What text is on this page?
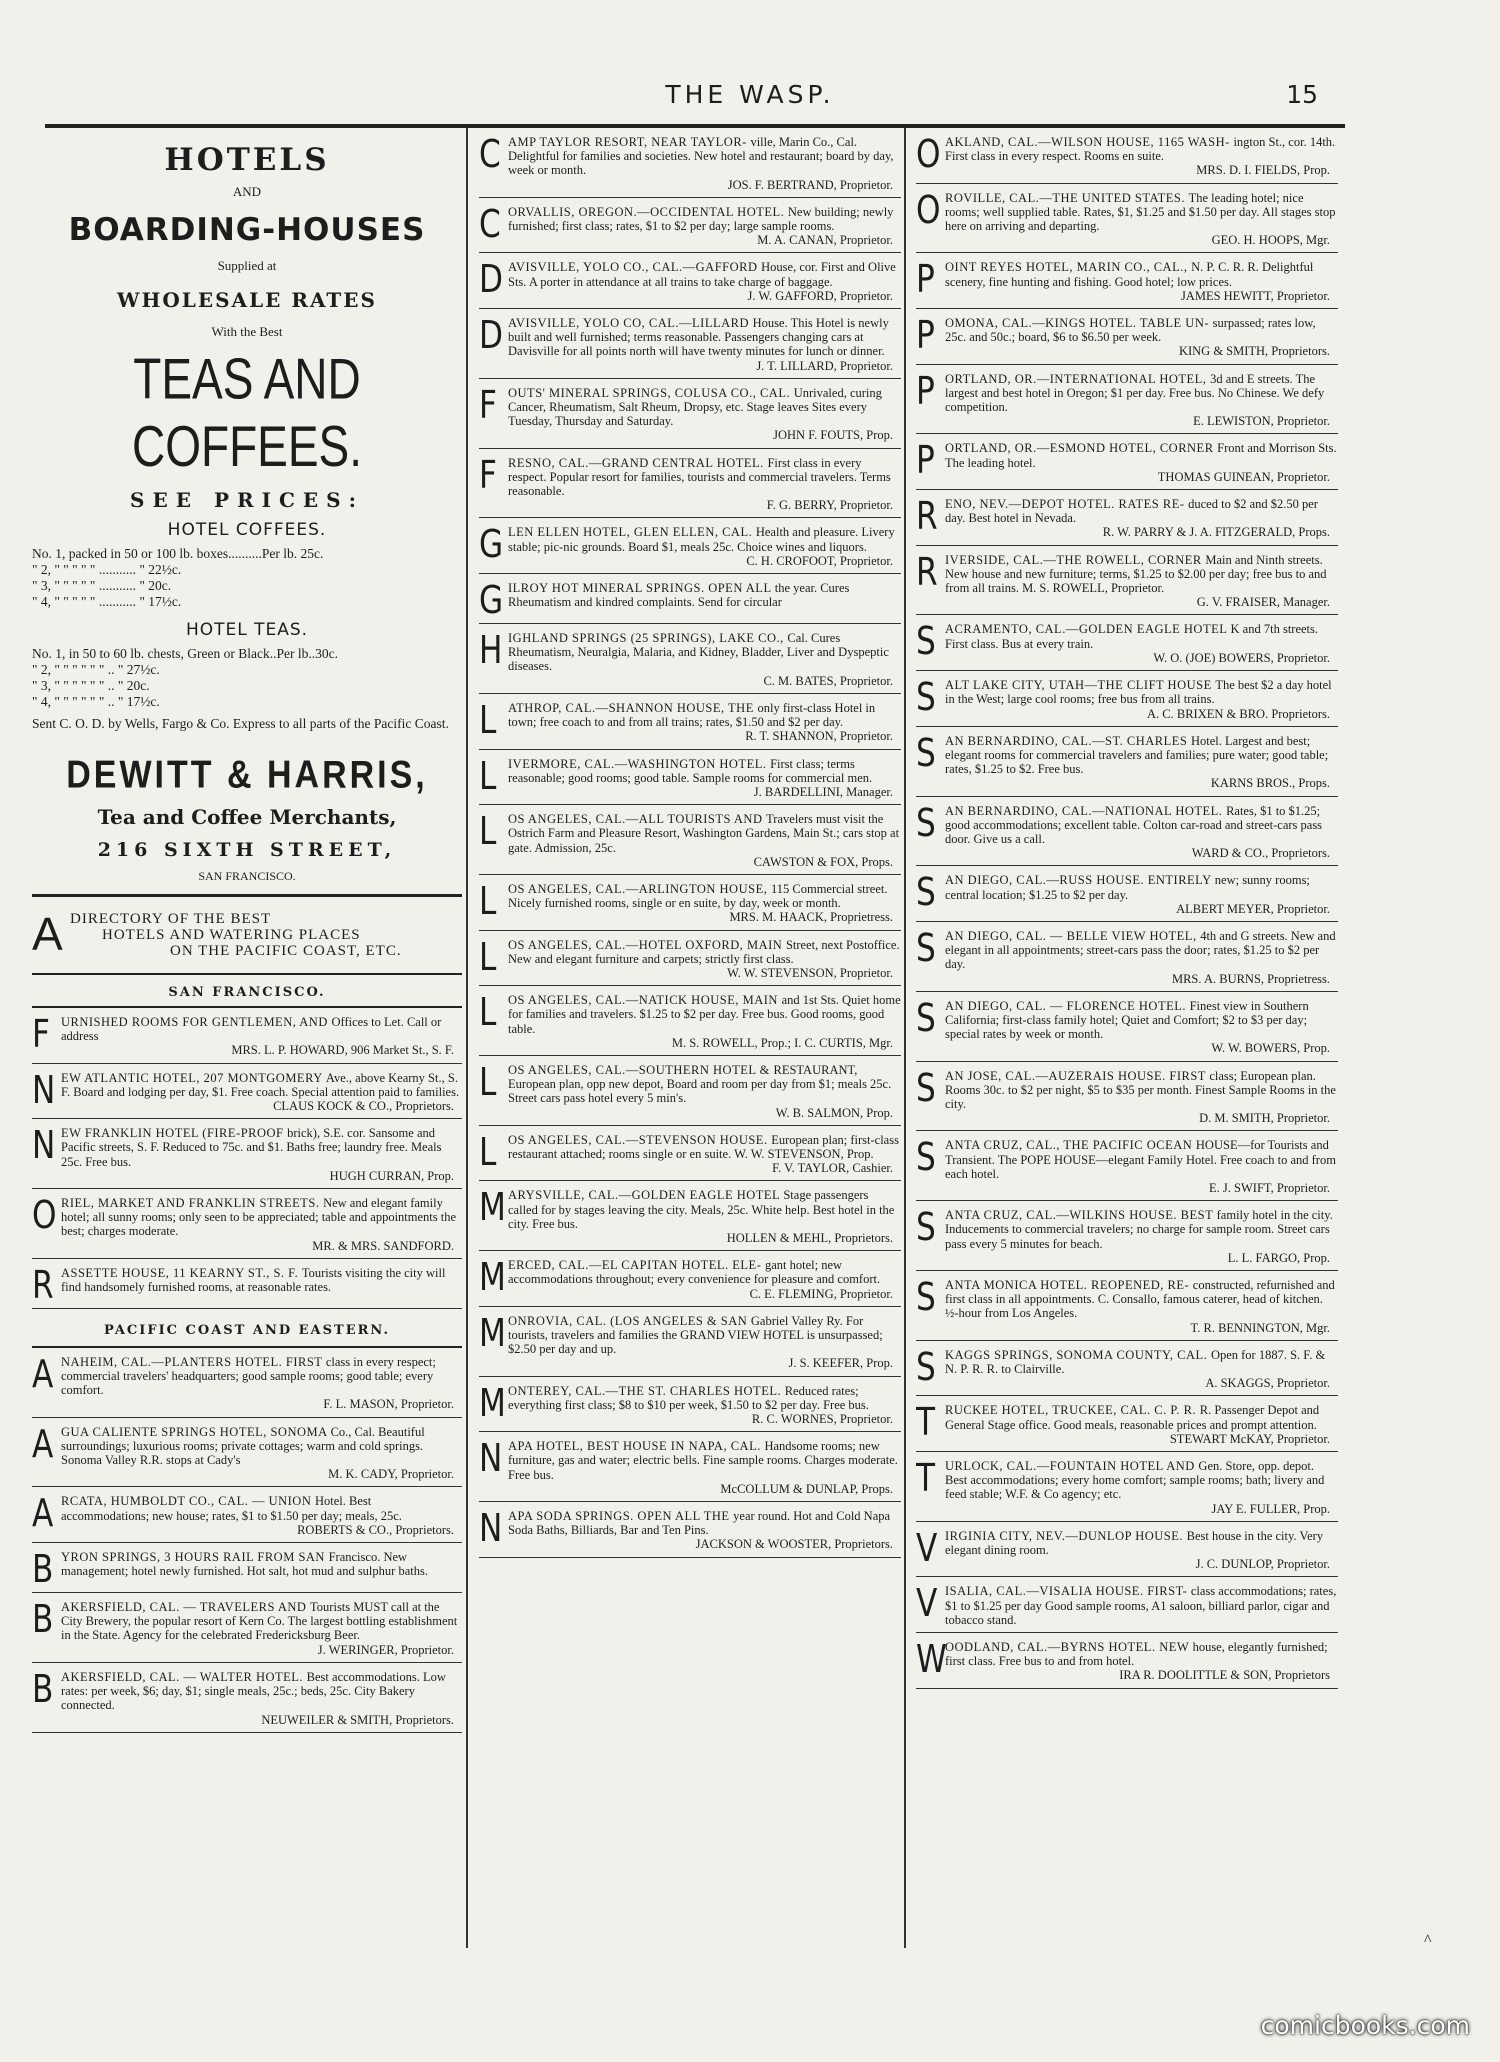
THE WASP.	15
HOTELS
AND
BOARDING-HOUSES
Supplied at
WHOLESALE RATES
With the Best
TEAS AND COFFEES.
SEE PRICES:
HOTEL COFFEES.
No. 1, packed in 50 or 100 lb. boxes..........Per lb. 25c.
" 2, " " " " " ........... " 22½c.
" 3, " " " " " ........... " 20c.
" 4, " " " " " ........... " 17½c.
HOTEL TEAS.
No. 1, in 50 to 60 lb. chests, Green or Black..Per lb..30c.
" 2, " " " " " " .. " 27½c.
" 3, " " " " " " .. " 20c.
" 4, " " " " " " .. " 17½c.
Sent C. O. D. by Wells, Fargo & Co. Express to all parts of the Pacific Coast.
DEWITT & HARRIS,
Tea and Coffee Merchants,
216 SIXTH STREET,
SAN FRANCISCO.
A DIRECTORY OF THE BEST
HOTELS AND WATERING PLACES
ON THE PACIFIC COAST, ETC.
SAN FRANCISCO.
FURNISHED ROOMS FOR GENTLEMEN, AND Offices to Let. Call or address
MRS. L. P. HOWARD, 906 Market St., S. F.
NEW ATLANTIC HOTEL, 207 MONTGOMERY Ave., above Kearny St., S. F. Board and lodging per day, $1. Free coach. Special attention paid to families.
CLAUS KOCK & CO., Proprietors.
NEW FRANKLIN HOTEL (FIRE-PROOF brick), S.E. cor. Sansome and Pacific streets, S. F. Reduced to 75c. and $1. Baths free; laundry free. Meals 25c. Free bus.
HUGH CURRAN, Prop.
ORIEL, MARKET AND FRANKLIN STREETS. New and elegant family hotel; all sunny rooms; only seen to be appreciated; table and appointments the best; charges moderate.
MR. & MRS. SANDFORD.
RASSETTE HOUSE, 11 KEARNY ST., S. F. Tourists visiting the city will find handsomely furnished rooms, at reasonable rates.
PACIFIC COAST AND EASTERN.
ANAHEIM, CAL.—PLANTERS HOTEL. FIRST class in every respect; commercial travelers' headquarters; good sample rooms; good table; every comfort.
F. L. MASON, Proprietor.
AGUA CALIENTE SPRINGS HOTEL, SONOMA Co., Cal. Beautiful surroundings; luxurious rooms; private cottages; warm and cold springs. Sonoma Valley R.R. stops at Cady's
M. K. CADY, Proprietor.
ARCATA, HUMBOLDT CO., CAL. — UNION Hotel. Best accommodations; new house; rates, $1 to $1.50 per day; meals, 25c.
ROBERTS & CO., Proprietors.
BYRON SPRINGS, 3 HOURS RAIL FROM SAN Francisco. New management; hotel newly furnished. Hot salt, hot mud and sulphur baths.
BAKERSFIELD, CAL. — TRAVELERS AND Tourists MUST call at the City Brewery, the popular resort of Kern Co. The largest bottling establishment in the State. Agency for the celebrated Fredericksburg Beer.
J. WERINGER, Proprietor.
BAKERSFIELD, CAL. — WALTER HOTEL. Best accommodations. Low rates: per week, $6; day, $1; single meals, 25c.; beds, 25c. City Bakery connected.
NEUWEILER & SMITH, Proprietors.
CAMP TAYLOR RESORT, NEAR TAYLOR- ville, Marin Co., Cal. Delightful for families and societies. New hotel and restaurant; board by day, week or month.
JOS. F. BERTRAND, Proprietor.
CORVALLIS, OREGON.—OCCIDENTAL HOTEL. New building; newly furnished; first class; rates, $1 to $2 per day; large sample rooms.
M. A. CANAN, Proprietor.
DAVISVILLE, YOLO CO., CAL.—GAFFORD House, cor. First and Olive Sts. A porter in attendance at all trains to take charge of baggage.
J. W. GAFFORD, Proprietor.
DAVISVILLE, YOLO CO, CAL.—LILLARD House. This Hotel is newly built and well furnished; terms reasonable. Passengers changing cars at Davisville for all points north will have twenty minutes for lunch or dinner.
J. T. LILLARD, Proprietor.
FOUTS' MINERAL SPRINGS, COLUSA CO., CAL. Unrivaled, curing Cancer, Rheumatism, Salt Rheum, Dropsy, etc. Stage leaves Sites every Tuesday, Thursday and Saturday.
JOHN F. FOUTS, Prop.
FRESNO, CAL.—GRAND CENTRAL HOTEL. First class in every respect. Popular resort for families, tourists and commercial travelers. Terms reasonable.
F. G. BERRY, Proprietor.
GLEN ELLEN HOTEL, GLEN ELLEN, CAL. Health and pleasure. Livery stable; pic-nic grounds. Board $1, meals 25c. Choice wines and liquors.
C. H. CROFOOT, Proprietor.
GILROY HOT MINERAL SPRINGS. OPEN ALL the year. Cures Rheumatism and kindred complaints. Send for circular
HIGHLAND SPRINGS (25 SPRINGS), LAKE CO., Cal. Cures Rheumatism, Neuralgia, Malaria, and Kidney, Bladder, Liver and Dyspeptic diseases.
C. M. BATES, Proprietor.
LATHROP, CAL.—SHANNON HOUSE, THE only first-class Hotel in town; free coach to and from all trains; rates, $1.50 and $2 per day.
R. T. SHANNON, Proprietor.
LIVERMORE, CAL.—WASHINGTON HOTEL. First class; terms reasonable; good rooms; good table. Sample rooms for commercial men.
J. BARDELLINI, Manager.
LOS ANGELES, CAL.—ALL TOURISTS AND Travelers must visit the Ostrich Farm and Pleasure Resort, Washington Gardens, Main St.; cars stop at gate. Admission, 25c.
CAWSTON & FOX, Props.
LOS ANGELES, CAL.—ARLINGTON HOUSE, 115 Commercial street. Nicely furnished rooms, single or en suite, by day, week or month.
MRS. M. HAACK, Proprietress.
LOS ANGELES, CAL.—HOTEL OXFORD, MAIN Street, next Postoffice. New and elegant furniture and carpets; strictly first class.
W. W. STEVENSON, Proprietor.
LOS ANGELES, CAL.—NATICK HOUSE, MAIN and 1st Sts. Quiet home for families and travelers. $1.25 to $2 per day. Free bus. Good rooms, good table.
M. S. ROWELL, Prop.; I. C. CURTIS, Mgr.
LOS ANGELES, CAL.—SOUTHERN HOTEL & RESTAURANT, European plan, opp new depot, Board and room per day from $1; meals 25c. Street cars pass hotel every 5 min's.
W. B. SALMON, Prop.
LOS ANGELES, CAL.—STEVENSON HOUSE. European plan; first-class restaurant attached; rooms single or en suite. W. W. STEVENSON, Prop.
F. V. TAYLOR, Cashier.
MARYSVILLE, CAL.—GOLDEN EAGLE HOTEL Stage passengers called for by stages leaving the city. Meals, 25c. White help. Best hotel in the city. Free bus.
HOLLEN & MEHL, Proprietors.
MERCED, CAL.—EL CAPITAN HOTEL. ELE- gant hotel; new accommodations throughout; every convenience for pleasure and comfort.
C. E. FLEMING, Proprietor.
MONROVIA, CAL. (LOS ANGELES & SAN Gabriel Valley Ry. For tourists, travelers and families the GRAND VIEW HOTEL is unsurpassed; $2.50 per day and up.
J. S. KEEFER, Prop.
MONTEREY, CAL.—THE ST. CHARLES HOTEL. Reduced rates; everything first class; $8 to $10 per week, $1.50 to $2 per day. Free bus.
R. C. WORNES, Proprietor.
NAPA HOTEL, BEST HOUSE IN NAPA, CAL. Handsome rooms; new furniture, gas and water; electric bells. Fine sample rooms. Charges moderate. Free bus.
McCOLLUM & DUNLAP, Props.
NAPA SODA SPRINGS. OPEN ALL THE year round. Hot and Cold Napa Soda Baths, Billiards, Bar and Ten Pins.
JACKSON & WOOSTER, Proprietors.
OAKLAND, CAL.—WILSON HOUSE, 1165 WASH- ington St., cor. 14th. First class in every respect. Rooms en suite.
MRS. D. I. FIELDS, Prop.
OROVILLE, CAL.—THE UNITED STATES. The leading hotel; nice rooms; well supplied table. Rates, $1, $1.25 and $1.50 per day. All stages stop here on arriving and departing.
GEO. H. HOOPS, Mgr.
POINT REYES HOTEL, MARIN CO., CAL., N. P. C. R. R. Delightful scenery, fine hunting and fishing. Good hotel; low prices.
JAMES HEWITT, Proprietor.
POMONA, CAL.—KINGS HOTEL. TABLE UN- surpassed; rates low, 25c. and 50c.; board, $6 to $6.50 per week.
KING & SMITH, Proprietors.
PORTLAND, OR.—INTERNATIONAL HOTEL, 3d and E streets. The largest and best hotel in Oregon; $1 per day. Free bus. No Chinese. We defy competition.
E. LEWISTON, Proprietor.
PORTLAND, OR.—ESMOND HOTEL, CORNER Front and Morrison Sts. The leading hotel.
THOMAS GUINEAN, Proprietor.
RENO, NEV.—DEPOT HOTEL. RATES RE- duced to $2 and $2.50 per day. Best hotel in Nevada.
R. W. PARRY & J. A. FITZGERALD, Props.
RIVERSIDE, CAL.—THE ROWELL, CORNER Main and Ninth streets. New house and new furniture; terms, $1.25 to $2.00 per day; free bus to and from all trains. M. S. ROWELL, Proprietor.
G. V. FRAISER, Manager.
SACRAMENTO, CAL.—GOLDEN EAGLE HOTEL K and 7th streets. First class. Bus at every train.
W. O. (JOE) BOWERS, Proprietor.
SALT LAKE CITY, UTAH—THE CLIFT HOUSE The best $2 a day hotel in the West; large cool rooms; free bus from all trains.
A. C. BRIXEN & BRO. Proprietors.
SAN BERNARDINO, CAL.—ST. CHARLES Hotel. Largest and best; elegant rooms for commercial travelers and families; pure water; good table; rates, $1.25 to $2. Free bus.
KARNS BROS., Props.
SAN BERNARDINO, CAL.—NATIONAL HOTEL. Rates, $1 to $1.25; good accommodations; excellent table. Colton car-road and street-cars pass door. Give us a call.
WARD & CO., Proprietors.
SAN DIEGO, CAL.—RUSS HOUSE. ENTIRELY new; sunny rooms; central location; $1.25 to $2 per day.
ALBERT MEYER, Proprietor.
SAN DIEGO, CAL. — BELLE VIEW HOTEL, 4th and G streets. New and elegant in all appointments; street-cars pass the door; rates, $1.25 to $2 per day.
MRS. A. BURNS, Proprietress.
SAN DIEGO, CAL. — FLORENCE HOTEL. Finest view in Southern California; first-class family hotel; Quiet and Comfort; $2 to $3 per day; special rates by week or month.
W. W. BOWERS, Prop.
SAN JOSE, CAL.—AUZERAIS HOUSE. FIRST class; European plan. Rooms 30c. to $2 per night, $5 to $35 per month. Finest Sample Rooms in the city.
D. M. SMITH, Proprietor.
SANTA CRUZ, CAL., THE PACIFIC OCEAN HOUSE—for Tourists and Transient. The POPE HOUSE—elegant Family Hotel. Free coach to and from each hotel.
E. J. SWIFT, Proprietor.
SANTA CRUZ, CAL.—WILKINS HOUSE. BEST family hotel in the city. Inducements to commercial travelers; no charge for sample room. Street cars pass every 5 minutes for beach.
L. L. FARGO, Prop.
SANTA MONICA HOTEL. REOPENED, RE- constructed, refurnished and first class in all appointments. C. Consallo, famous caterer, head of kitchen. ½-hour from Los Angeles.
T. R. BENNINGTON, Mgr.
SKAGGS SPRINGS, SONOMA COUNTY, CAL. Open for 1887. S. F. & N. P. R. R. to Clairville.
A. SKAGGS, Proprietor.
TRUCKEE HOTEL, TRUCKEE, CAL. C. P. R. R. Passenger Depot and General Stage office. Good meals, reasonable prices and prompt attention.
STEWART McKAY, Proprietor.
TURLOCK, CAL.—FOUNTAIN HOTEL AND Gen. Store, opp. depot. Best accommodations; every home comfort; sample rooms; bath; livery and feed stable; W.F. & Co agency; etc.
JAY E. FULLER, Prop.
VIRGINIA CITY, NEV.—DUNLOP HOUSE. Best house in the city. Very elegant dining room.
J. C. DUNLOP, Proprietor.
VISALIA, CAL.—VISALIA HOUSE. FIRST- class accommodations; rates, $1 to $1.25 per day Good sample rooms, A1 saloon, billiard parlor, cigar and tobacco stand.
W
OODLAND, CAL.—BYRNS HOTEL. NEW house, elegantly furnished; first class. Free bus to and from hotel.
IRA R. DOOLITTLE & SON, Proprietors
^
comicbooks.com
